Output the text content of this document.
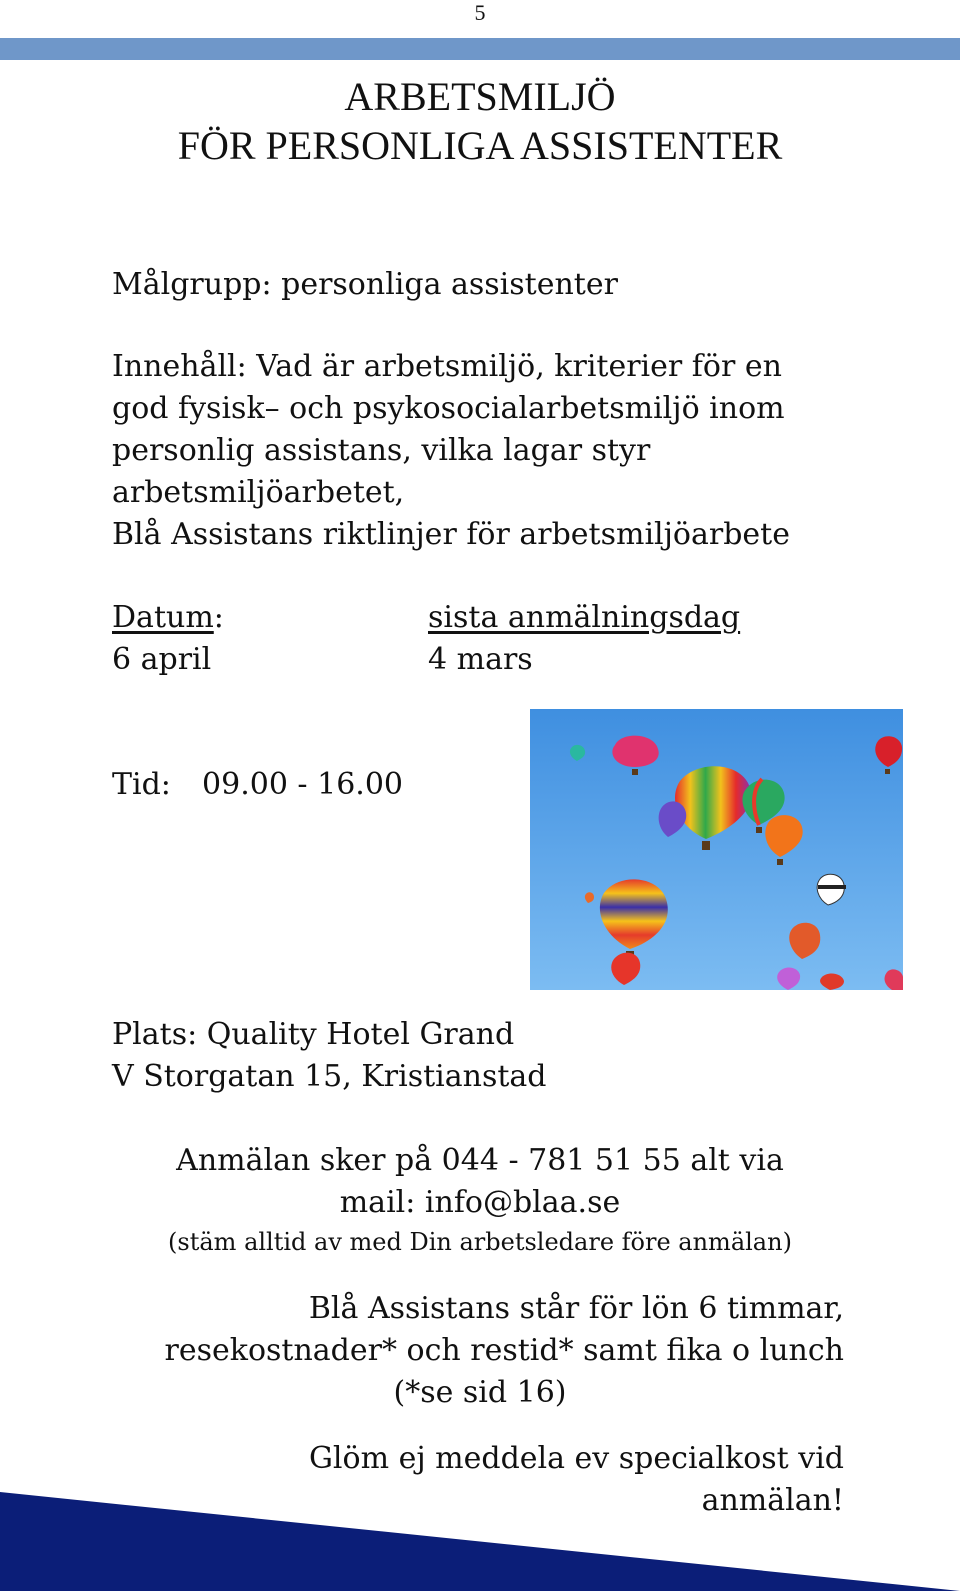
5
ARBETSMILJÖ
FÖR PERSONLIGA ASSISTENTER
Målgrupp: personliga assistenter
Innehåll: Vad är arbetsmiljö, kriterier för en
god fysisk– och psykosocialarbetsmiljö inom
personlig assistans, vilka lagar styr
arbetsmiljöarbetet,
Blå Assistans riktlinjer för arbetsmiljöarbete
Datum:
6 april
sista anmälningsdag
4 mars
Tid: 09.00 - 16.00
Plats: Quality Hotel Grand
V Storgatan 15, Kristianstad
Anmälan sker på 044 - 781 51 55 alt via
mail: info@blaa.se
(stäm alltid av med Din arbetsledare före anmälan)
Blå Assistans står för lön 6 timmar,
resekostnader* och restid* samt fika o lunch
(*se sid 16)
Glöm ej meddela ev specialkost vid
anmälan!
